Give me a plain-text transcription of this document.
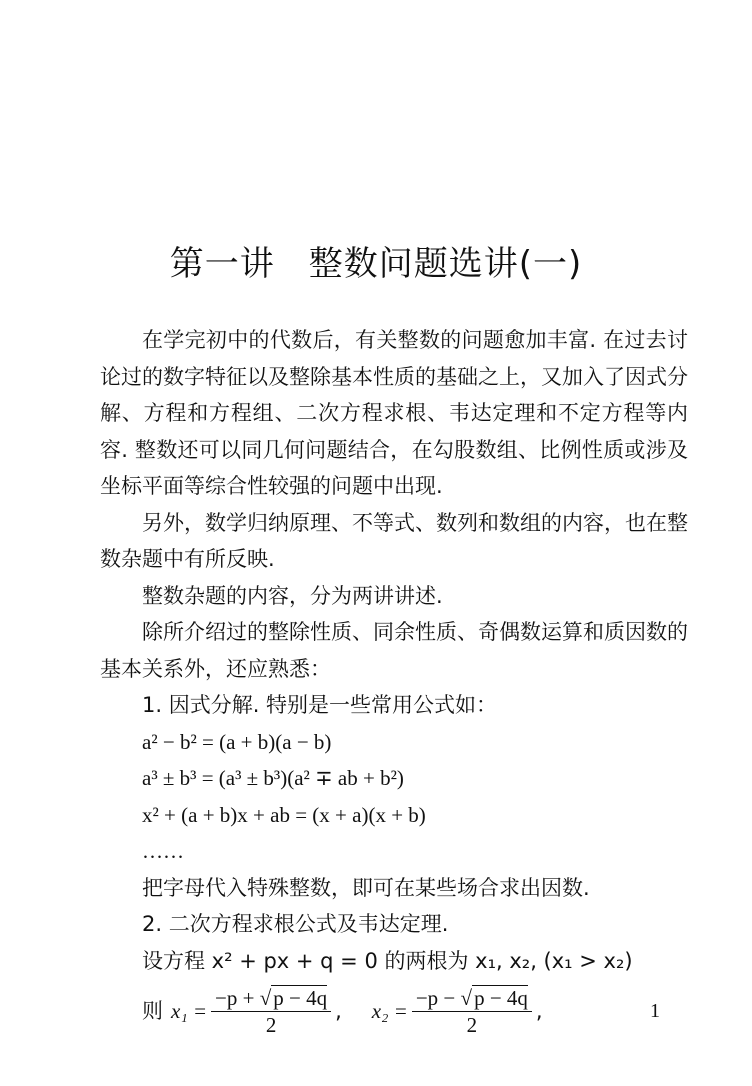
第一讲 整数问题选讲(一)

在学完初中的代数后，有关整数的问题愈加丰富. 在过去讨论过的数字特征以及整除基本性质的基础之上，又加入了因式分解、方程和方程组、二次方程求根、韦达定理和不定方程等内容. 整数还可以同几何问题结合，在勾股数组、比例性质或涉及坐标平面等综合性较强的问题中出现.

另外，数学归纳原理、不等式、数列和数组的内容，也在整数杂题中有所反映.

整数杂题的内容，分为两讲讲述.

除所介绍过的整除性质、同余性质、奇偶数运算和质因数的基本关系外，还应熟悉：

1. 因式分解. 特别是一些常用公式如：

a² − b² = (a + b)(a − b)
a³ ± b³ = (a³ ± b³)(a² ∓ ab + b²)
x² + (a + b)x + ab = (x + a)(x + b)
……

把字母代入特殊整数，即可在某些场合求出因数.

2. 二次方程求根公式及韦达定理.

设方程 x² + px + q = 0 的两根为 x₁, x₂, (x₁ > x₂)

则 $x_1 = \frac{-p + √p - 4q}{2}$ , $x_2 = \frac{-p - √p - 4q}{2}$ ,	1
